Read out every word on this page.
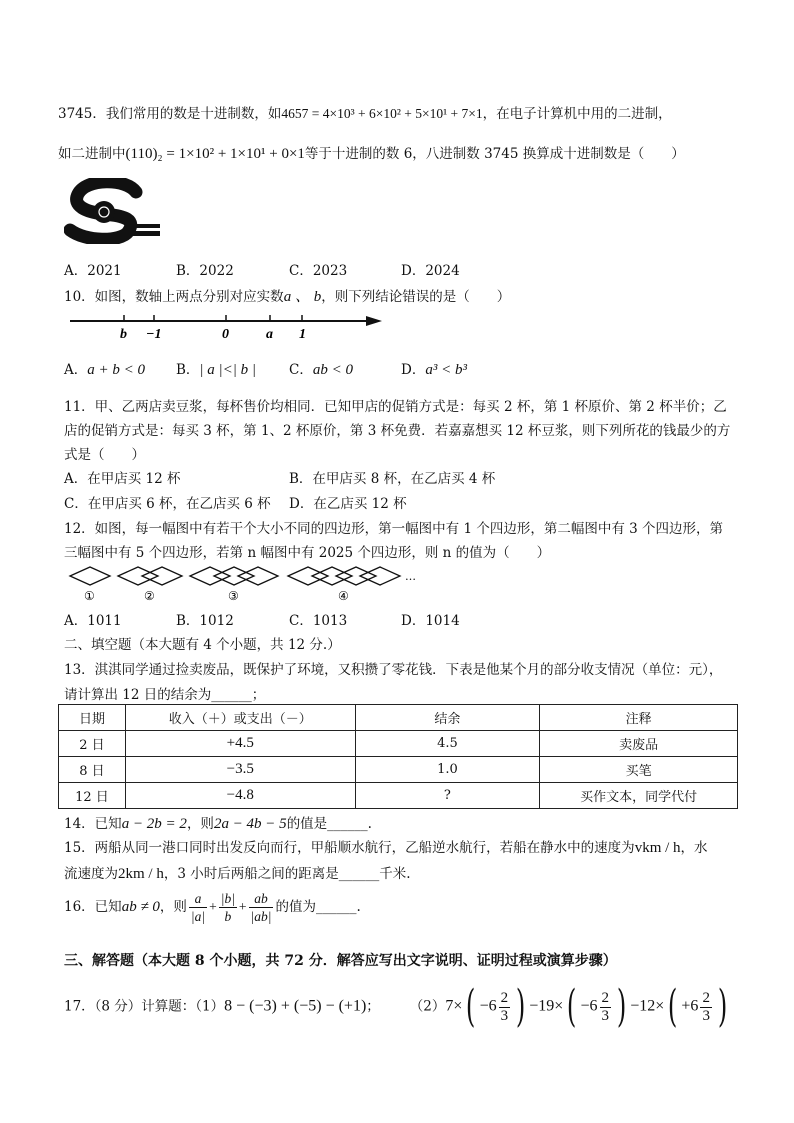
3745．我们常用的数是十进制数，如4657 = 4×10³ + 6×10² + 5×10¹ + 7×1，在电子计算机中用的二进制，
如二进制中(110)₂ = 1×10² + 1×10¹ + 0×1等于十进制的数 6，八进制数 3745 换算成十进制数是（　　）
A．2021	B．2022	C．2023	D．2024
10．如图，数轴上两点分别对应实数a 、 b，则下列结论错误的是（　　）
b −1	0	a 1
A．a + b < 0 B．| a |<| b | C．ab < 0	D．a³ < b³
11．甲、乙两店卖豆浆，每杯售价均相同．已知甲店的促销方式是：每买 2 杯，第 1 杯原价、第 2 杯半价；乙
店的促销方式是：每买 3 杯，第 1、2 杯原价，第 3 杯免费．若嘉嘉想买 12 杯豆浆，则下列所花的钱最少的方
式是（　　）
A．在甲店买 12 杯	B．在甲店买 8 杯，在乙店买 4 杯
C．在甲店买 6 杯，在乙店买 6 杯 D．在乙店买 12 杯
12．如图，每一幅图中有若干个大小不同的四边形，第一幅图中有 1 个四边形，第二幅图中有 3 个四边形，第
三幅图中有 5 个四边形，若第 n 幅图中有 2025 个四边形，则 n 的值为（　　）
…
①	②	③	④
A．1011	B．1012	C．1013	D．1014
二、填空题（本大题有 4 个小题，共 12 分.）
13．淇淇同学通过捡卖废品，既保护了环境，又积攒了零花钱．下表是他某个月的部分收支情况（单位：元），
请计算出 12 日的结余为______；
日期	收入（＋）或支出（－）	结余	注释
2 日	+4.5	4.5	卖废品
8 日	−3.5	1.0	买笔
12 日	−4.8	?	买作文本，同学代付
14．已知a − 2b = 2，则2a − 4b − 5的值是______.
15．两船从同一港口同时出发反向而行，甲船顺水航行，乙船逆水航行，若船在静水中的速度为vkm / h，水
流速度为2km / h，3 小时后两船之间的距离是______千米.
16．已知ab ≠ 0，则 $\frac{a}{|a|} + \frac{|b|}{b} + \frac{ab}{|ab|}$ 的值为______.
三、解答题（本大题 8 个小题，共 72 分．解答应写出文字说明、证明过程或演算步骤）
17．（8 分）计算题：（1）8 − (−3) + (−5) − (+1)； $(2)7\times( -6 \frac{2}{3}$ ) $-19\times( -6 \frac{2}{3}$ ) $-12\times( +6 \frac{2}{3}$ )
